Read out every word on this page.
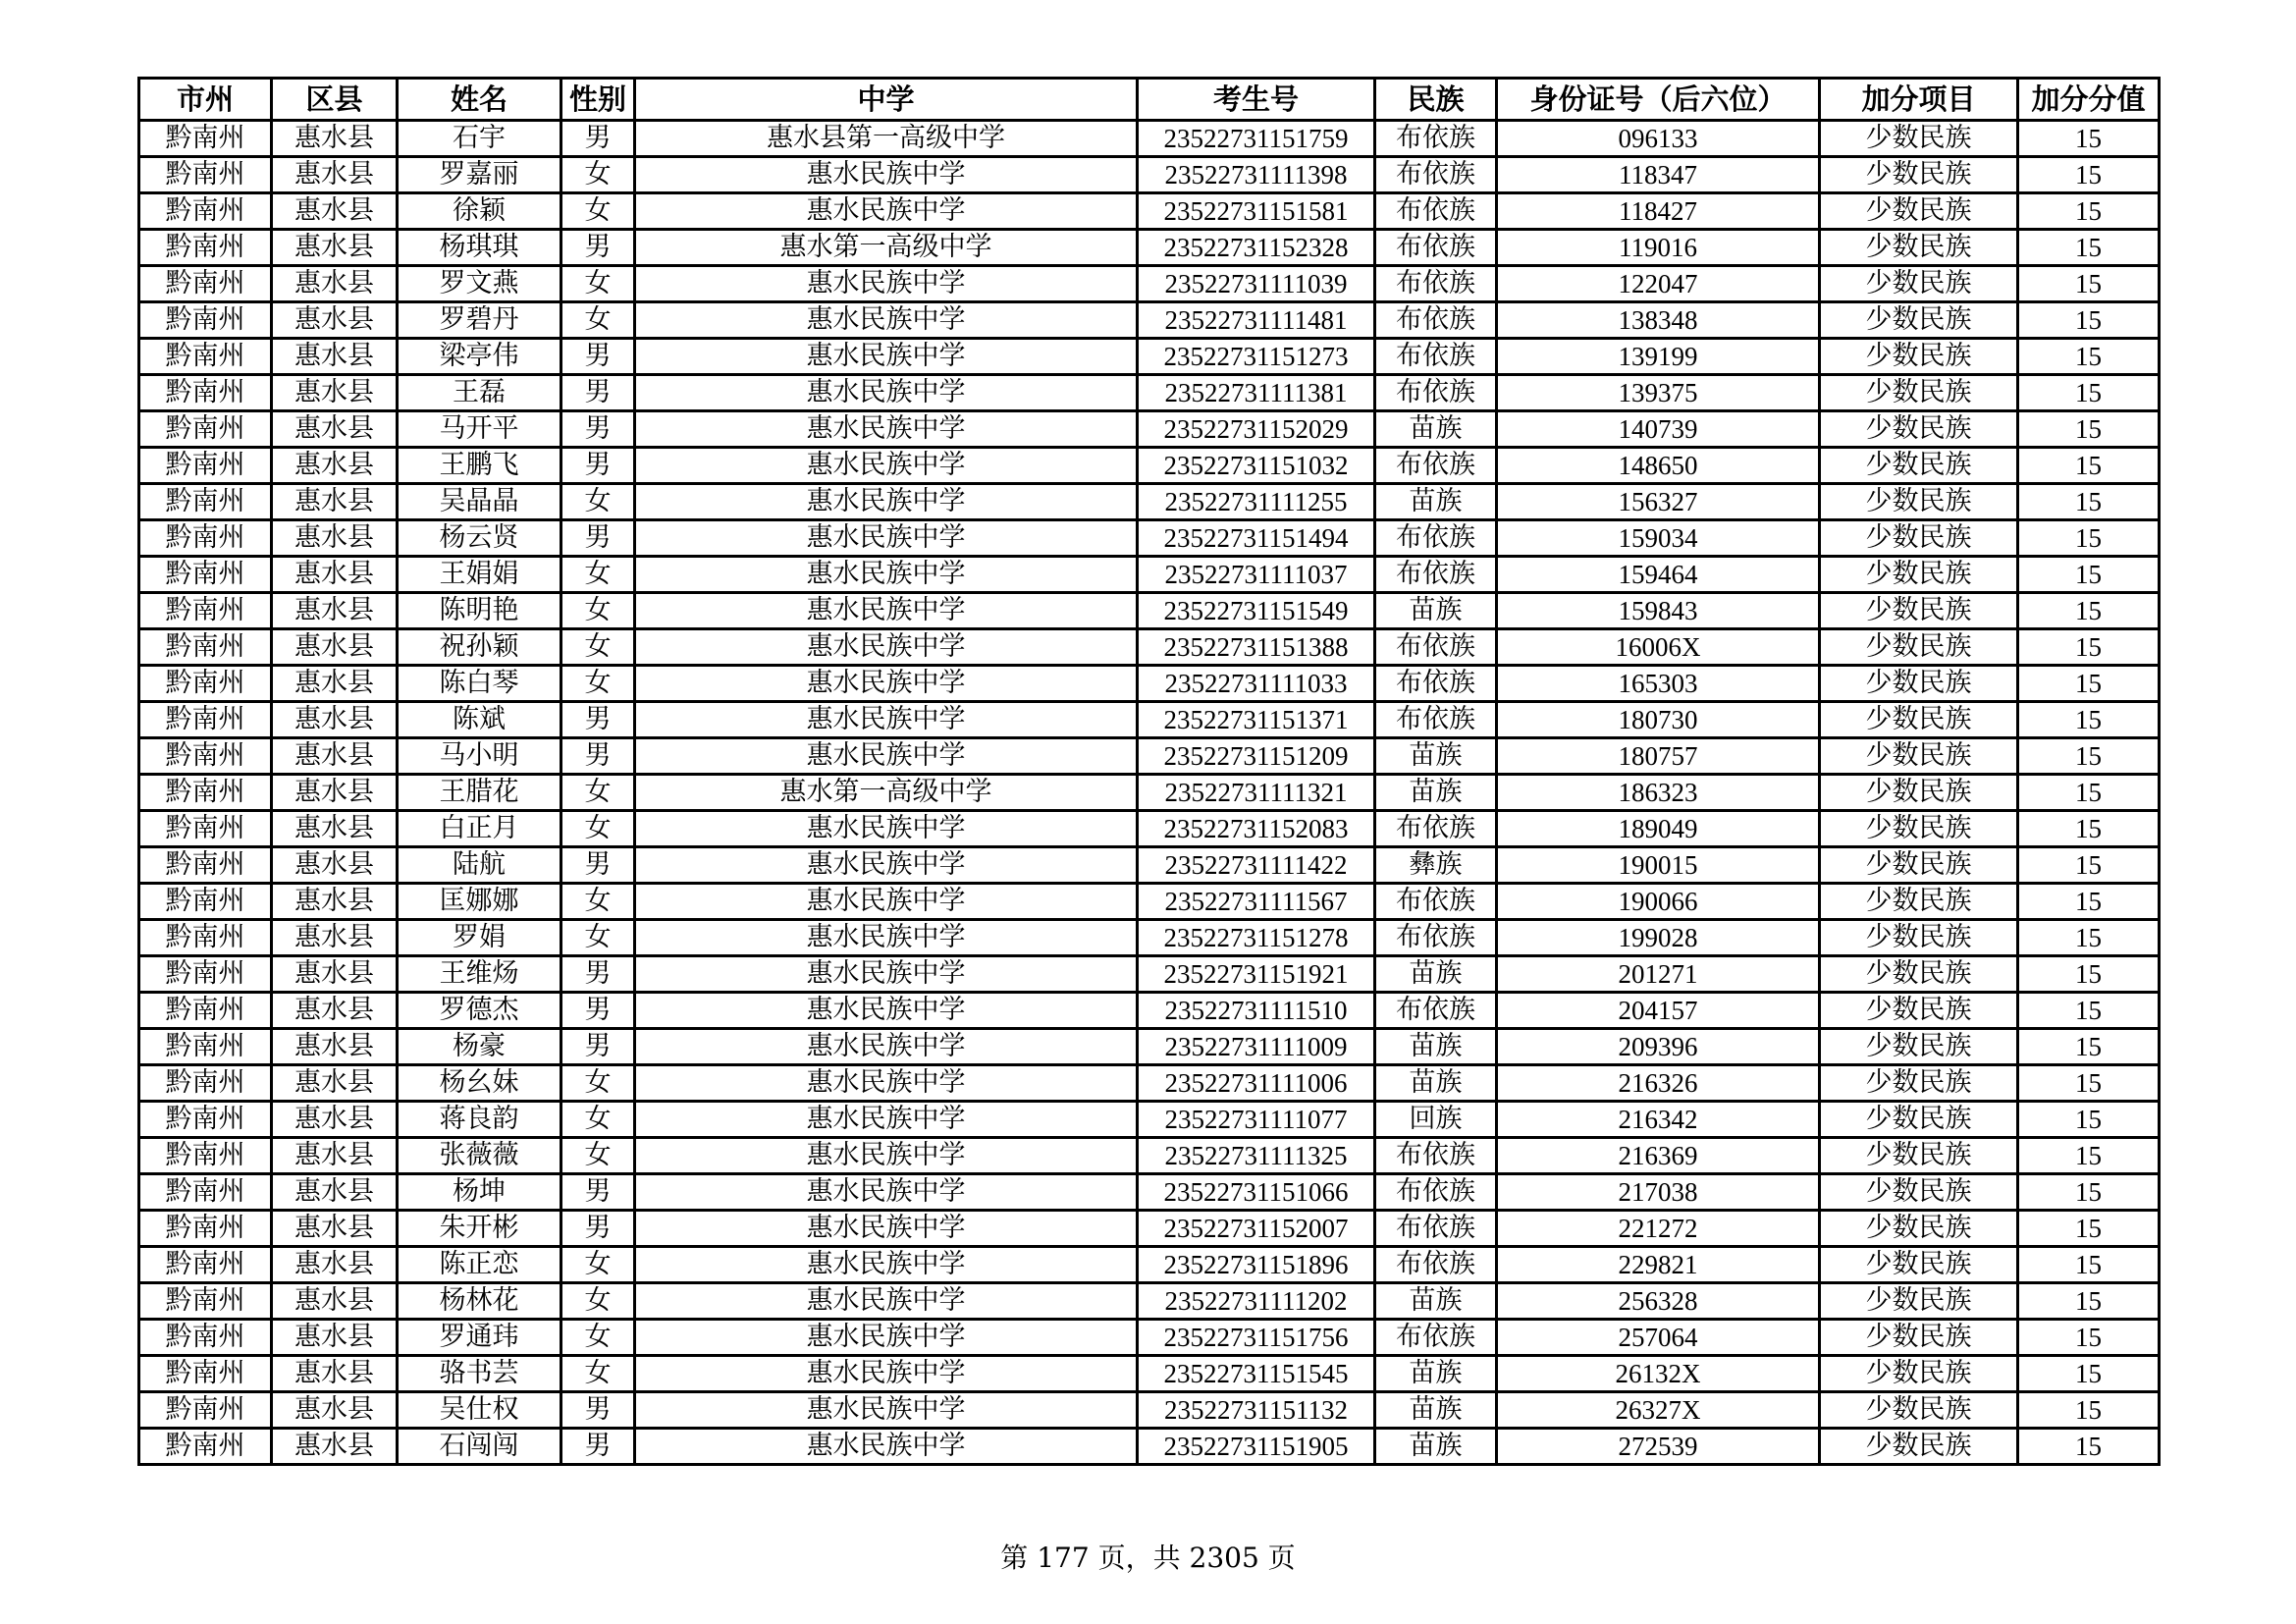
市州	区县	姓名	性别	中学	考生号	民族	身份证号（后六位）	加分项目	加分分值
黔南州	惠水县	石宇	男	惠水县第一高级中学	23522731151759	布依族	096133	少数民族	15
黔南州	惠水县	罗嘉丽	女	惠水民族中学	23522731111398	布依族	118347	少数民族	15
黔南州	惠水县	徐颖	女	惠水民族中学	23522731151581	布依族	118427	少数民族	15
黔南州	惠水县	杨琪琪	男	惠水第一高级中学	23522731152328	布依族	119016	少数民族	15
黔南州	惠水县	罗文燕	女	惠水民族中学	23522731111039	布依族	122047	少数民族	15
黔南州	惠水县	罗碧丹	女	惠水民族中学	23522731111481	布依族	138348	少数民族	15
黔南州	惠水县	梁亭伟	男	惠水民族中学	23522731151273	布依族	139199	少数民族	15
黔南州	惠水县	王磊	男	惠水民族中学	23522731111381	布依族	139375	少数民族	15
黔南州	惠水县	马开平	男	惠水民族中学	23522731152029	苗族	140739	少数民族	15
黔南州	惠水县	王鹏飞	男	惠水民族中学	23522731151032	布依族	148650	少数民族	15
黔南州	惠水县	吴晶晶	女	惠水民族中学	23522731111255	苗族	156327	少数民族	15
黔南州	惠水县	杨云贤	男	惠水民族中学	23522731151494	布依族	159034	少数民族	15
黔南州	惠水县	王娟娟	女	惠水民族中学	23522731111037	布依族	159464	少数民族	15
黔南州	惠水县	陈明艳	女	惠水民族中学	23522731151549	苗族	159843	少数民族	15
黔南州	惠水县	祝孙颖	女	惠水民族中学	23522731151388	布依族	16006X	少数民族	15
黔南州	惠水县	陈白琴	女	惠水民族中学	23522731111033	布依族	165303	少数民族	15
黔南州	惠水县	陈斌	男	惠水民族中学	23522731151371	布依族	180730	少数民族	15
黔南州	惠水县	马小明	男	惠水民族中学	23522731151209	苗族	180757	少数民族	15
黔南州	惠水县	王腊花	女	惠水第一高级中学	23522731111321	苗族	186323	少数民族	15
黔南州	惠水县	白正月	女	惠水民族中学	23522731152083	布依族	189049	少数民族	15
黔南州	惠水县	陆航	男	惠水民族中学	23522731111422	彝族	190015	少数民族	15
黔南州	惠水县	匡娜娜	女	惠水民族中学	23522731111567	布依族	190066	少数民族	15
黔南州	惠水县	罗娟	女	惠水民族中学	23522731151278	布依族	199028	少数民族	15
黔南州	惠水县	王维炀	男	惠水民族中学	23522731151921	苗族	201271	少数民族	15
黔南州	惠水县	罗德杰	男	惠水民族中学	23522731111510	布依族	204157	少数民族	15
黔南州	惠水县	杨豪	男	惠水民族中学	23522731111009	苗族	209396	少数民族	15
黔南州	惠水县	杨幺妹	女	惠水民族中学	23522731111006	苗族	216326	少数民族	15
黔南州	惠水县	蒋良韵	女	惠水民族中学	23522731111077	回族	216342	少数民族	15
黔南州	惠水县	张薇薇	女	惠水民族中学	23522731111325	布依族	216369	少数民族	15
黔南州	惠水县	杨坤	男	惠水民族中学	23522731151066	布依族	217038	少数民族	15
黔南州	惠水县	朱开彬	男	惠水民族中学	23522731152007	布依族	221272	少数民族	15
黔南州	惠水县	陈正恋	女	惠水民族中学	23522731151896	布依族	229821	少数民族	15
黔南州	惠水县	杨林花	女	惠水民族中学	23522731111202	苗族	256328	少数民族	15
黔南州	惠水县	罗通玮	女	惠水民族中学	23522731151756	布依族	257064	少数民族	15
黔南州	惠水县	骆书芸	女	惠水民族中学	23522731151545	苗族	26132X	少数民族	15
黔南州	惠水县	吴仕权	男	惠水民族中学	23522731151132	苗族	26327X	少数民族	15
黔南州	惠水县	石闯闯	男	惠水民族中学	23522731151905	苗族	272539	少数民族	15
第 177 页，共 2305 页
